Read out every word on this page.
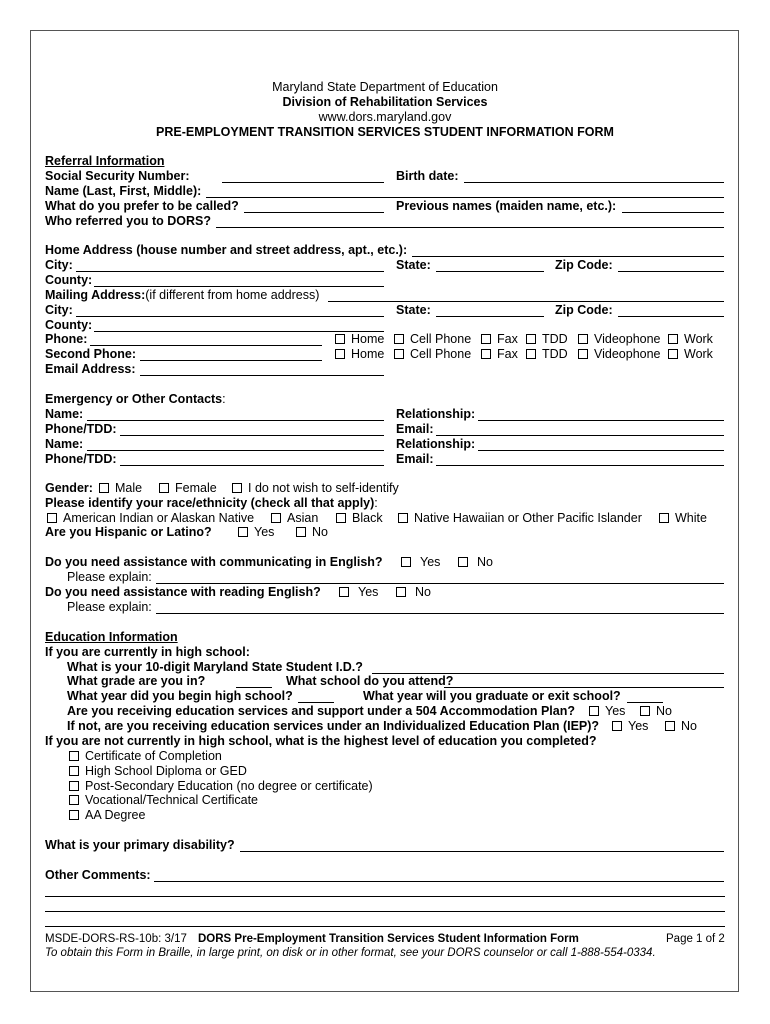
Maryland State Department of Education
Division of Rehabilitation Services
www.dors.maryland.gov
PRE-EMPLOYMENT TRANSITION SERVICES STUDENT INFORMATION FORM
Referral Information
Social Security Number:	Birth date:
Name (Last, First, Middle):
What do you prefer to be called?	Previous names (maiden name, etc.):
Who referred you to DORS?
Home Address (house number and street address, apt., etc.):
City:	State:	Zip Code:
County:
Mailing Address:(if different from home address)
City:	State:	Zip Code:
County:
Phone:	Home Cell Phone Fax TDD Videophone Work
Second Phone:	Home Cell Phone Fax TDD Videophone Work
Email Address:
Emergency or Other Contacts:
Name:	Relationship:
Phone/TDD:	Email:
Name:	Relationship:
Phone/TDD:	Email:
Gender: Male	Female	I do not wish to self-identify
Please identify your race/ethnicity (check all that apply):
American Indian or Alaskan Native	Asian	Black	Native Hawaiian or Other Pacific Islander	White
Are you Hispanic or Latino?	Yes	No
Do you need assistance with communicating in English?	Yes	No
Please explain:
Do you need assistance with reading English?	Yes	No
Please explain:
Education Information
If you are currently in high school:
What is your 10-digit Maryland State Student I.D.?
What grade are you in?	What school do you attend?
What year did you begin high school?	What year will you graduate or exit school?
Are you receiving education services and support under a 504 Accommodation Plan? Yes No
If not, are you receiving education services under an Individualized Education Plan (IEP)? Yes	No
If you are not currently in high school, what is the highest level of education you completed?
Certificate of Completion
High School Diploma or GED
Post-Secondary Education (no degree or certificate)
Vocational/Technical Certificate
AA Degree
What is your primary disability?
Other Comments:
MSDE-DORS-RS-10b: 3/17 DORS Pre-Employment Transition Services Student Information Form	Page 1 of 2
To obtain this Form in Braille, in large print, on disk or in other format, see your DORS counselor or call 1-888-554-0334.
